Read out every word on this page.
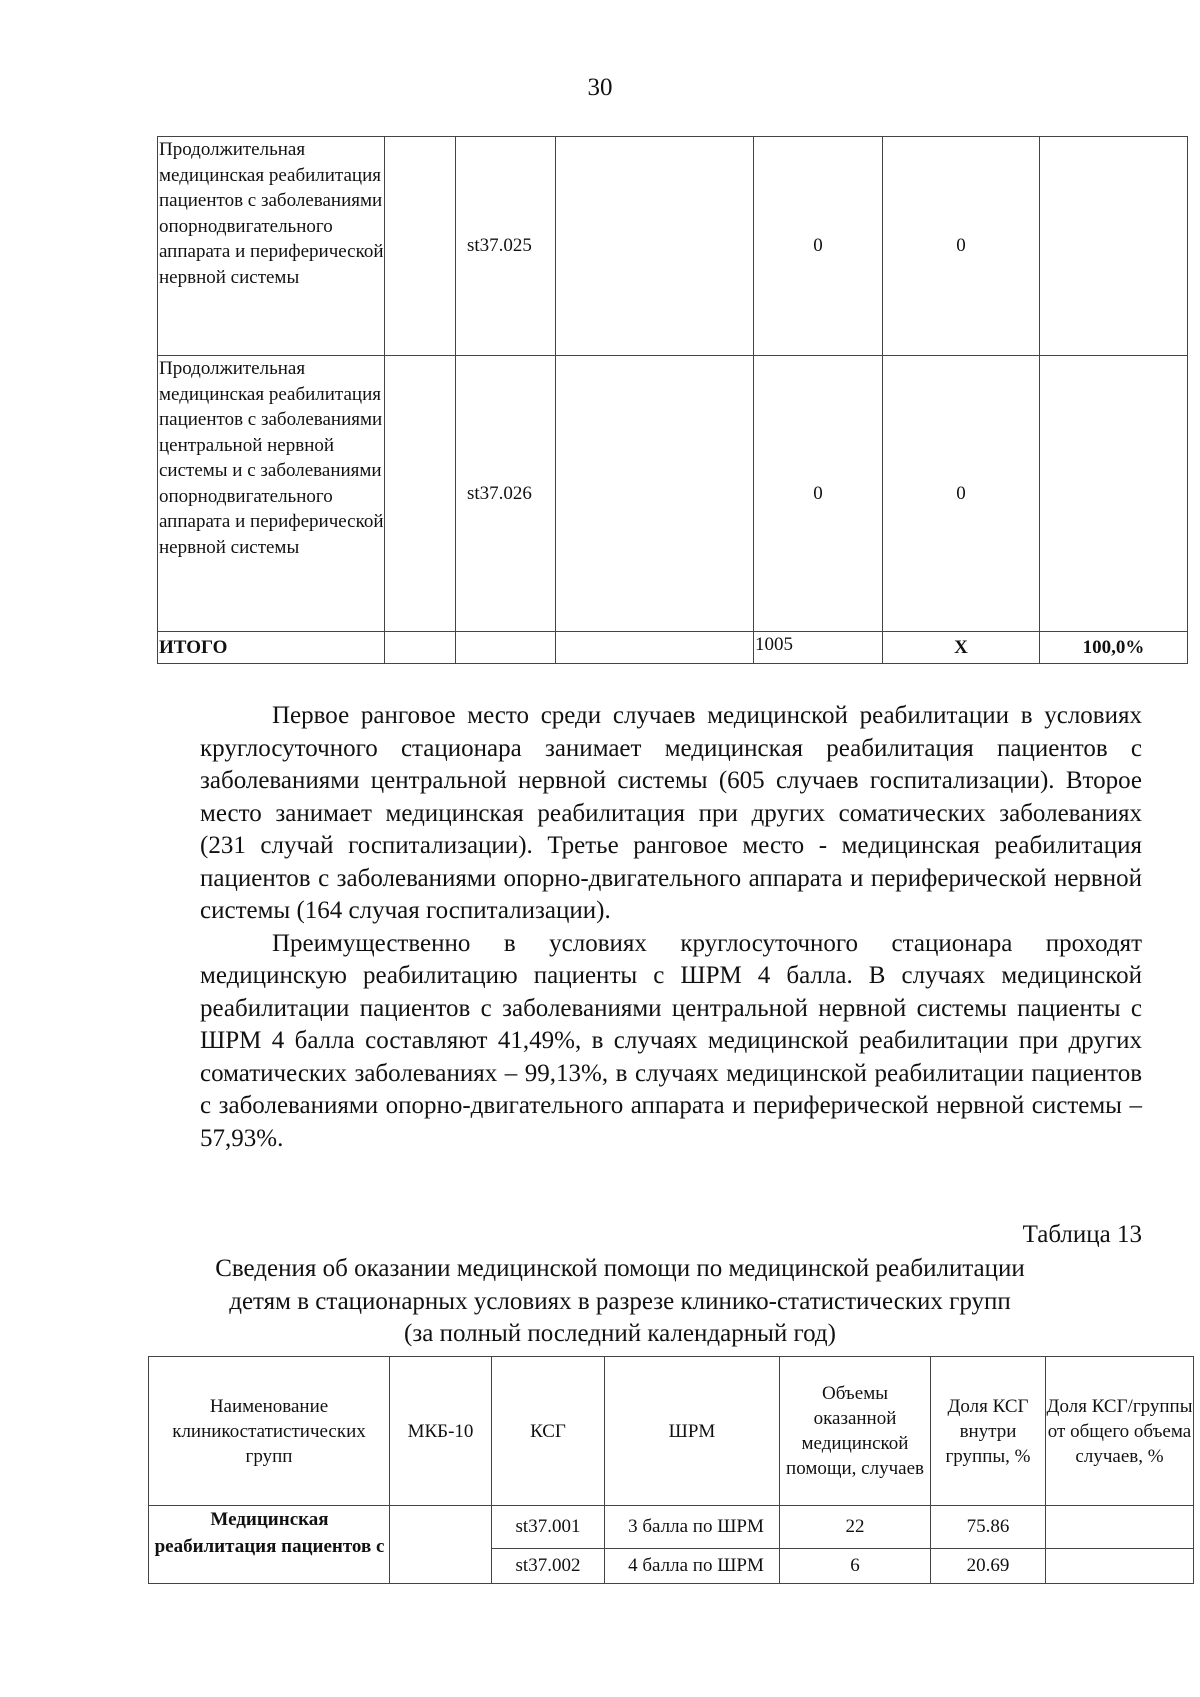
30
Продолжительная медицинская реабилитация пациентов с заболеваниями опорнодвигательного аппарата и периферической нервной системы		st37.025		0	0	

Продолжительная медицинская реабилитация пациентов с заболеваниями центральной нервной системы и с заболеваниями опорнодвигательного аппарата и периферической нервной системы		st37.026		0	0	
ИТОГО				1005	Х	100,0%

Первое ранговое место среди случаев медицинской реабилитации в условиях круглосуточного стационара занимает медицинская реабилитация пациентов с заболеваниями центральной нервной системы (605 случаев госпитализации). Второе место занимает медицинская реабилитация при других соматических заболеваниях (231 случай госпитализации). Третье ранговое место - медицинская реабилитация пациентов с заболеваниями опорно-двигательного аппарата и периферической нервной системы (164 случая госпитализации).

Преимущественно в условиях круглосуточного стационара проходят медицинскую реабилитацию пациенты с ШРМ 4 балла. В случаях медицинской реабилитации пациентов с заболеваниями центральной нервной системы пациенты с ШРМ 4 балла составляют 41,49%, в случаях медицинской реабилитации при других соматических заболеваниях – 99,13%, в случаях медицинской реабилитации пациентов с заболеваниями опорно-двигательного аппарата и периферической нервной системы – 57,93%.

Таблица 13
Сведения об оказании медицинской помощи по медицинской реабилитации
детям в стационарных условиях в разрезе клинико-статистических групп
(за полный последний календарный год)
Наименование клиникостатистических групп	МКБ-10	КСГ	ШРМ	Объемы оказанной медицинской помощи, случаев	Доля КСГ внутри группы, %	Доля КСГ/группы от общего объема случаев, %

Медицинская реабилитация пациентов с		st37.001	3 балла по ШРМ	22	75.86	
		st37.002	4 балла по ШРМ	6	20.69	
